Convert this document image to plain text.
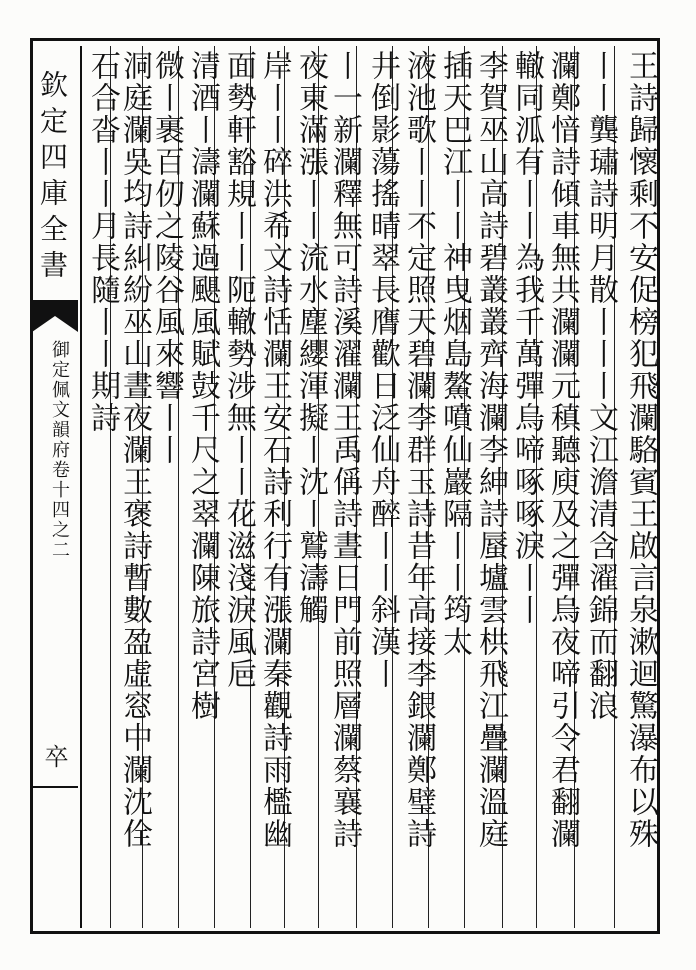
欽定四庫全書
御定佩文韻府卷十四之二
卒	王詩歸懷剩不安促榜犯飛瀾駱賓王啟言泉漱迴驚瀑布以殊
丨丨龔璛詩明月散丨丨丨文江澹清含濯錦而翻浪
瀾鄭愔詩傾車無共瀾瀾元稹聽庾及之彈烏夜啼引令君翻瀾
轍同泒有丨丨為我千萬彈烏啼啄啄淚丨丨
李賀巫山高詩碧叢叢齊海瀾李紳詩蜃壚雲栱飛江疊瀾溫庭
插天巴江丨丨神曳烟島鰲噴仙巖隔丨丨筠太
液池歌丨丨不定照天碧瀾李群玉詩昔年高接李銀瀾鄭璧詩
井倒影蕩搖晴翠長膺歡日泛仙舟醉丨丨斜漢丨
丨一新瀾釋無可詩溪濯瀾王禹偁詩晝日門前照層瀾蔡襄詩
夜東滿漲丨丨流水塵纓渾擬丨沈丨鷲濤觸
岸丨丨碎洪希文詩恬瀾王安石詩利行有漲瀾秦觀詩雨檻幽
面勢軒豁規丨丨阨轍勢涉無丨丨花滋淺淚風巵
清酒丨濤瀾蘇過颶風賦鼓千尺之翠瀾陳旅詩宮樹
微丨裹百仞之陵谷風來響丨丨
洞庭瀾吳均詩糾紛巫山晝夜瀾王褒詩暫數盈虛窓中瀾沈佺
石合沓丨丨月長隨丨丨期詩
